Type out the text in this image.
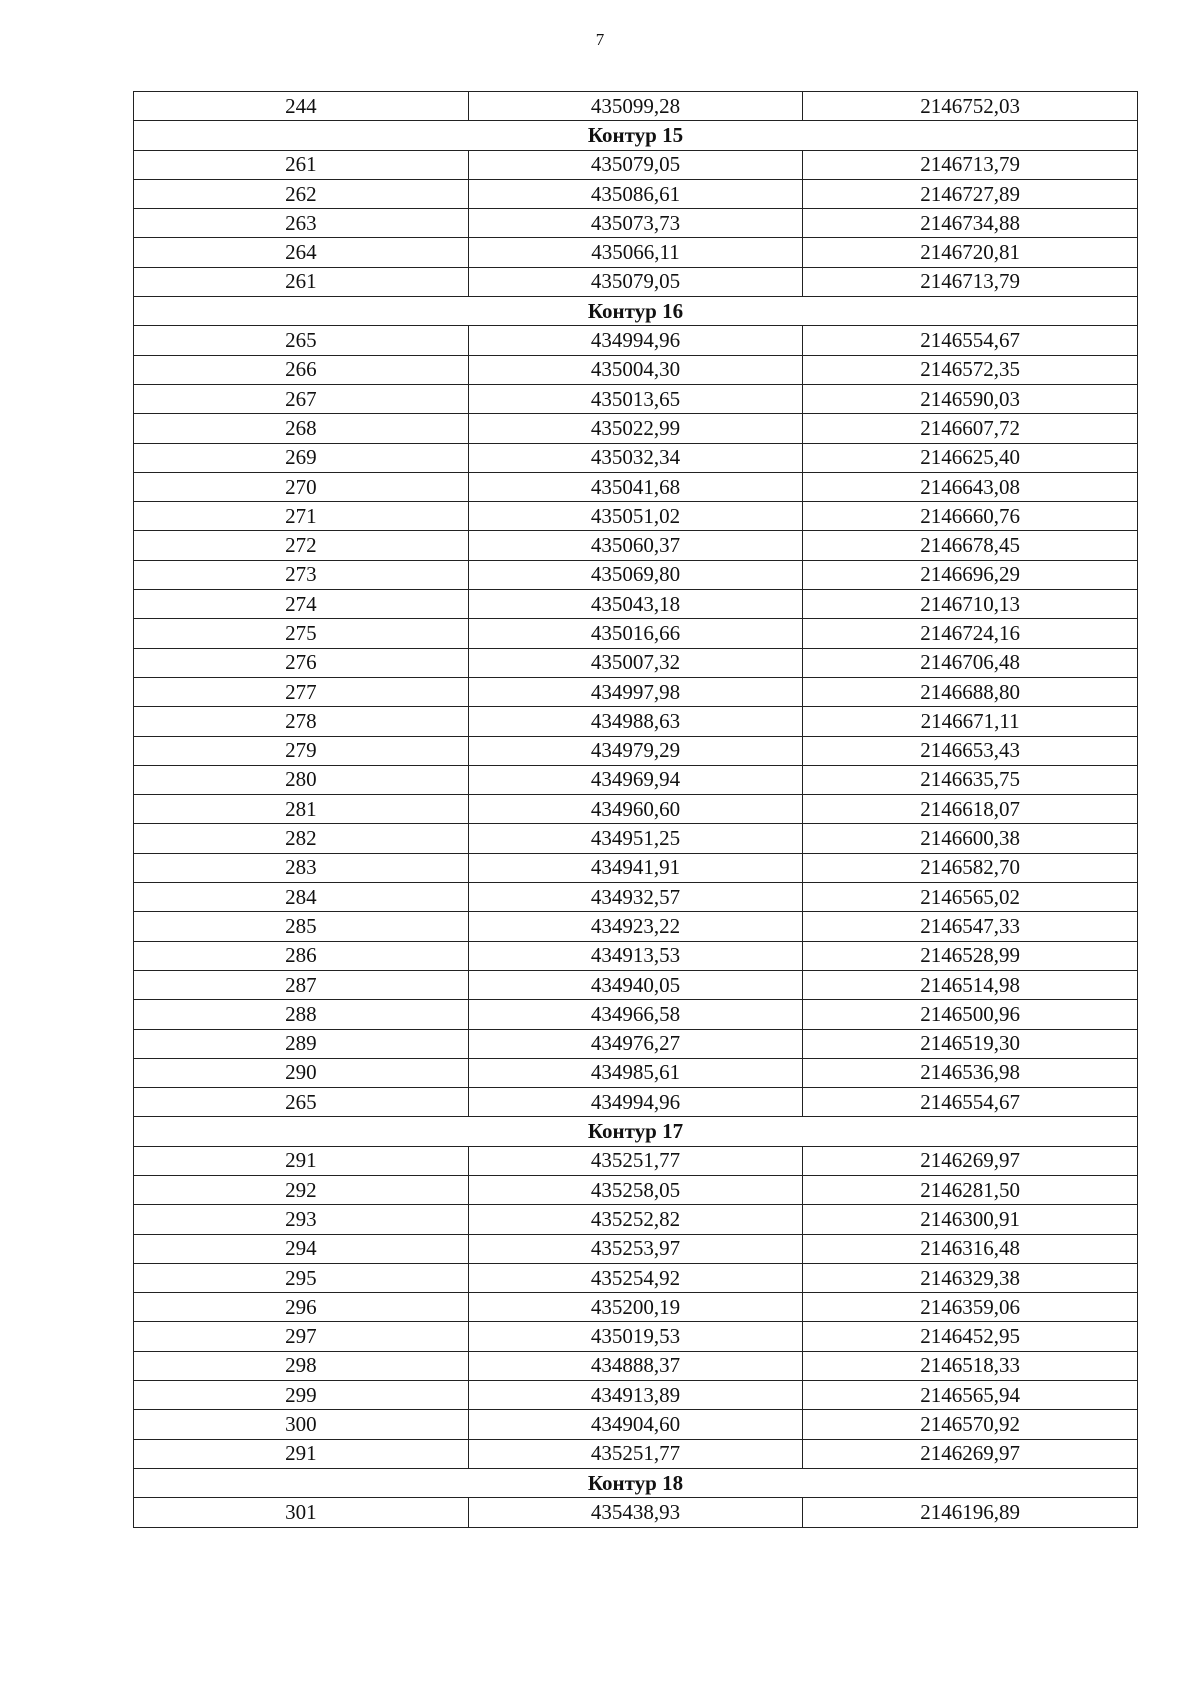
7
244	435099,28	2146752,03
Контур 15		
261	435079,05	2146713,79
262	435086,61	2146727,89
263	435073,73	2146734,88
264	435066,11	2146720,81
261	435079,05	2146713,79
Контур 16		
265	434994,96	2146554,67
266	435004,30	2146572,35
267	435013,65	2146590,03
268	435022,99	2146607,72
269	435032,34	2146625,40
270	435041,68	2146643,08
271	435051,02	2146660,76
272	435060,37	2146678,45
273	435069,80	2146696,29
274	435043,18	2146710,13
275	435016,66	2146724,16
276	435007,32	2146706,48
277	434997,98	2146688,80
278	434988,63	2146671,11
279	434979,29	2146653,43
280	434969,94	2146635,75
281	434960,60	2146618,07
282	434951,25	2146600,38
283	434941,91	2146582,70
284	434932,57	2146565,02
285	434923,22	2146547,33
286	434913,53	2146528,99
287	434940,05	2146514,98
288	434966,58	2146500,96
289	434976,27	2146519,30
290	434985,61	2146536,98
265	434994,96	2146554,67
Контур 17		
291	435251,77	2146269,97
292	435258,05	2146281,50
293	435252,82	2146300,91
294	435253,97	2146316,48
295	435254,92	2146329,38
296	435200,19	2146359,06
297	435019,53	2146452,95
298	434888,37	2146518,33
299	434913,89	2146565,94
300	434904,60	2146570,92
291	435251,77	2146269,97
Контур 18		
301	435438,93	2146196,89
